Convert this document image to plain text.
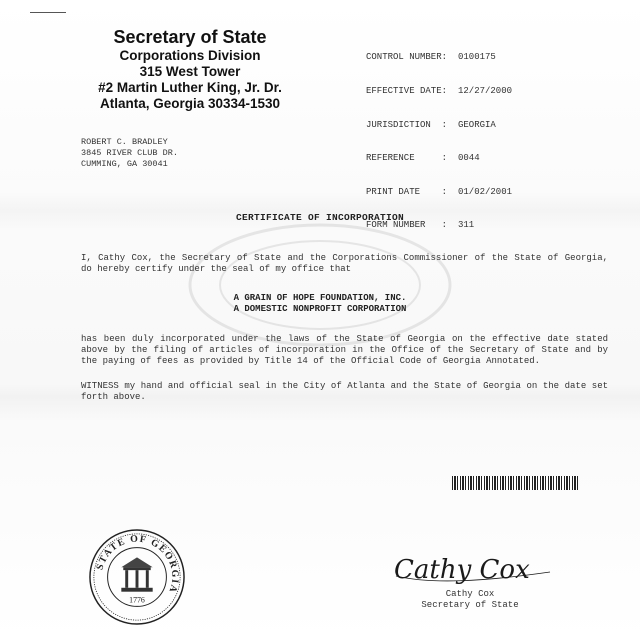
Secretary of State
Corporations Division
315 West Tower
#2 Martin Luther King, Jr. Dr.
Atlanta, Georgia 30334-1530

CONTROL NUMBER:	0100175

EFFECTIVE DATE:	12/27/2000

JURISDICTION  :	GEORGIA

REFERENCE     :	0044

PRINT DATE    :	01/02/2001

FORM NUMBER   :	311

ROBERT C. BRADLEY
3845 RIVER CLUB DR.
CUMMING, GA 30041
CERTIFICATE OF INCORPORATION
I, Cathy Cox, the Secretary of State and the Corporations Commissioner of the State of Georgia, do hereby certify under the seal of my office that
A GRAIN OF HOPE FOUNDATION, INC.
A DOMESTIC NONPROFIT CORPORATION
has been duly incorporated under the laws of the State of Georgia on the effective date stated above by the filing of articles of incorporation in the Office of the Secretary of State and by the paying of fees as provided by Title 14 of the Official Code of Georgia Annotated.
WITNESS my hand and official seal in the City of Atlanta and the State of Georgia on the date set forth above.
STATE OF GEORGIA
1776
Cathy Cox
Cathy Cox
Secretary of State
